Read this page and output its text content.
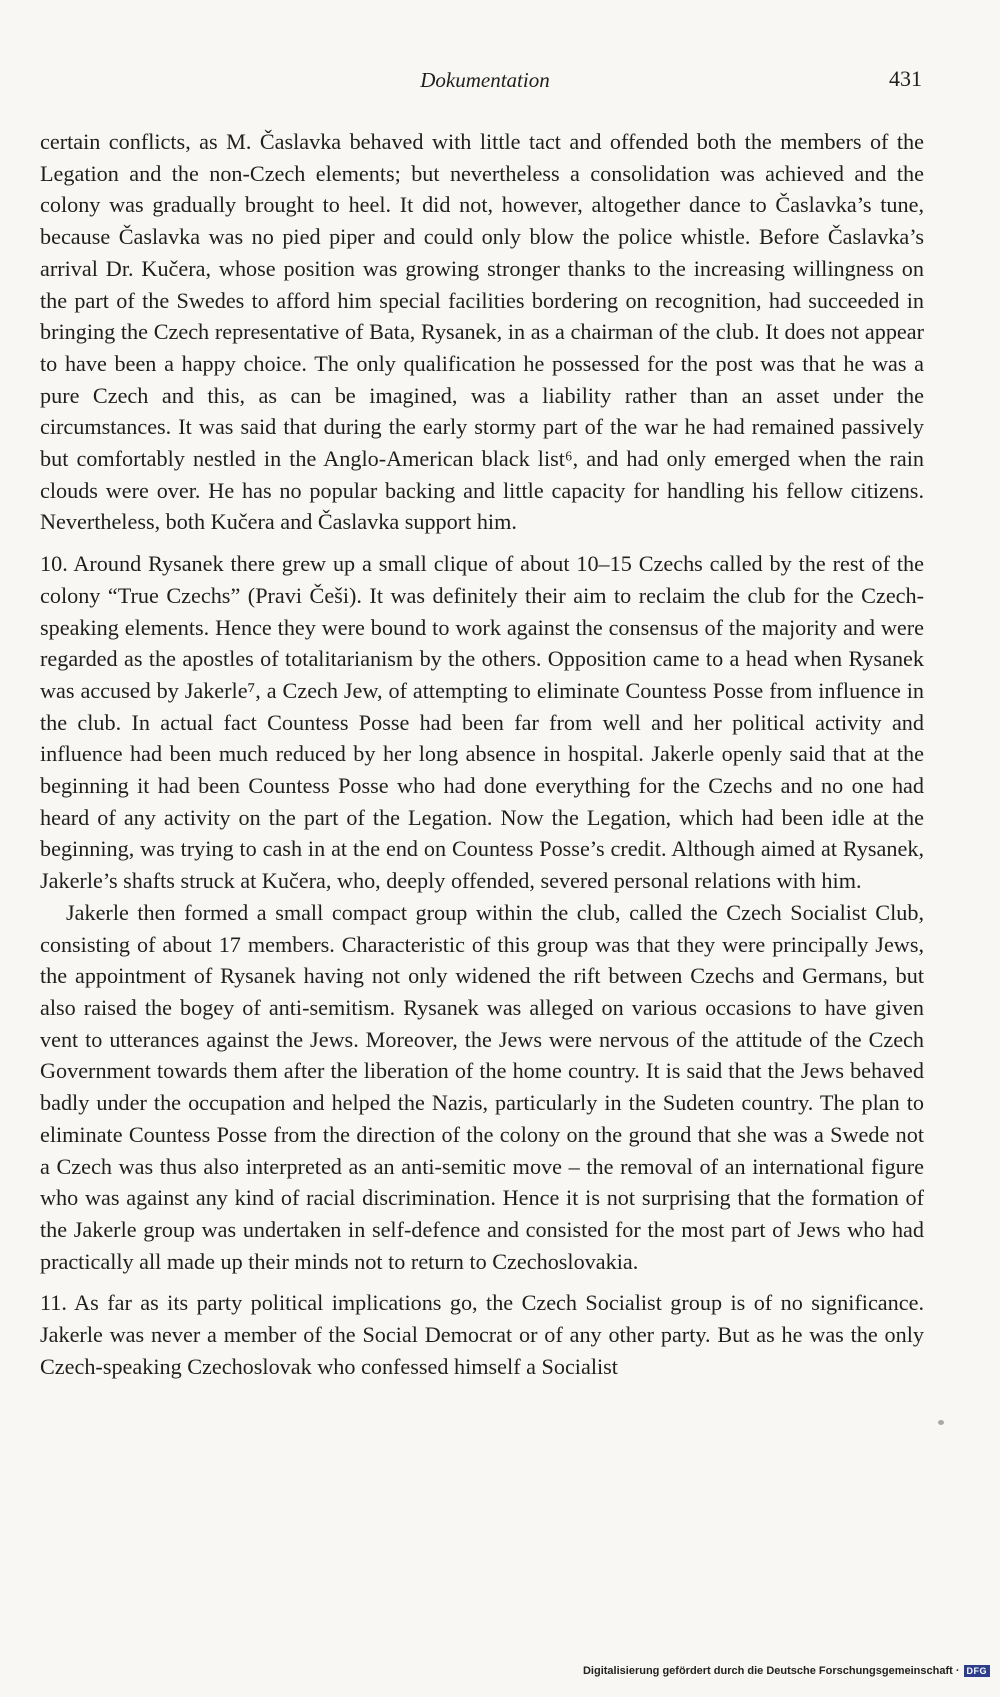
Dokumentation	431

certain conflicts, as M. Časlavka behaved with little tact and offended both the members of the Legation and the non-Czech elements; but nevertheless a consolidation was achieved and the colony was gradually brought to heel. It did not, however, altogether dance to Časlavka’s tune, because Časlavka was no pied piper and could only blow the police whistle. Before Časlavka’s arrival Dr. Kučera, whose position was growing stronger thanks to the increasing willingness on the part of the Swedes to afford him special facilities bordering on recognition, had succeeded in bringing the Czech representative of Bata, Rysanek, in as a chairman of the club. It does not appear to have been a happy choice. The only qualification he possessed for the post was that he was a pure Czech and this, as can be imagined, was a liability rather than an asset under the circumstances. It was said that during the early stormy part of the war he had remained passively but comfortably nestled in the Anglo-American black list⁶, and had only emerged when the rain clouds were over. He has no popular backing and little capacity for handling his fellow citizens. Nevertheless, both Kučera and Časlavka support him.

10. Around Rysanek there grew up a small clique of about 10–15 Czechs called by the rest of the colony “True Czechs” (Pravi Češi). It was definitely their aim to reclaim the club for the Czech-speaking elements. Hence they were bound to work against the consensus of the majority and were regarded as the apostles of totalitarianism by the others. Opposition came to a head when Rysanek was accused by Jakerle⁷, a Czech Jew, of attempting to eliminate Countess Posse from influence in the club. In actual fact Countess Posse had been far from well and her political activity and influence had been much reduced by her long absence in hospital. Jakerle openly said that at the beginning it had been Countess Posse who had done everything for the Czechs and no one had heard of any activity on the part of the Legation. Now the Legation, which had been idle at the beginning, was trying to cash in at the end on Countess Posse’s credit. Although aimed at Rysanek, Jakerle’s shafts struck at Kučera, who, deeply offended, severed personal relations with him.

Jakerle then formed a small compact group within the club, called the Czech Socialist Club, consisting of about 17 members. Characteristic of this group was that they were principally Jews, the appointment of Rysanek having not only widened the rift between Czechs and Germans, but also raised the bogey of anti-semitism. Rysanek was alleged on various occasions to have given vent to utterances against the Jews. Moreover, the Jews were nervous of the attitude of the Czech Government towards them after the liberation of the home country. It is said that the Jews behaved badly under the occupation and helped the Nazis, particularly in the Sudeten country. The plan to eliminate Countess Posse from the direction of the colony on the ground that she was a Swede not a Czech was thus also interpreted as an anti-semitic move – the removal of an international figure who was against any kind of racial discrimination. Hence it is not surprising that the formation of the Jakerle group was undertaken in self-defence and consisted for the most part of Jews who had practically all made up their minds not to return to Czechoslovakia.

11. As far as its party political implications go, the Czech Socialist group is of no significance. Jakerle was never a member of the Social Democrat or of any other party. But as he was the only Czech-speaking Czechoslovak who confessed himself a Socialist

Digitalisierung gefördert durch die Deutsche Forschungsgemeinschaft · DFG
